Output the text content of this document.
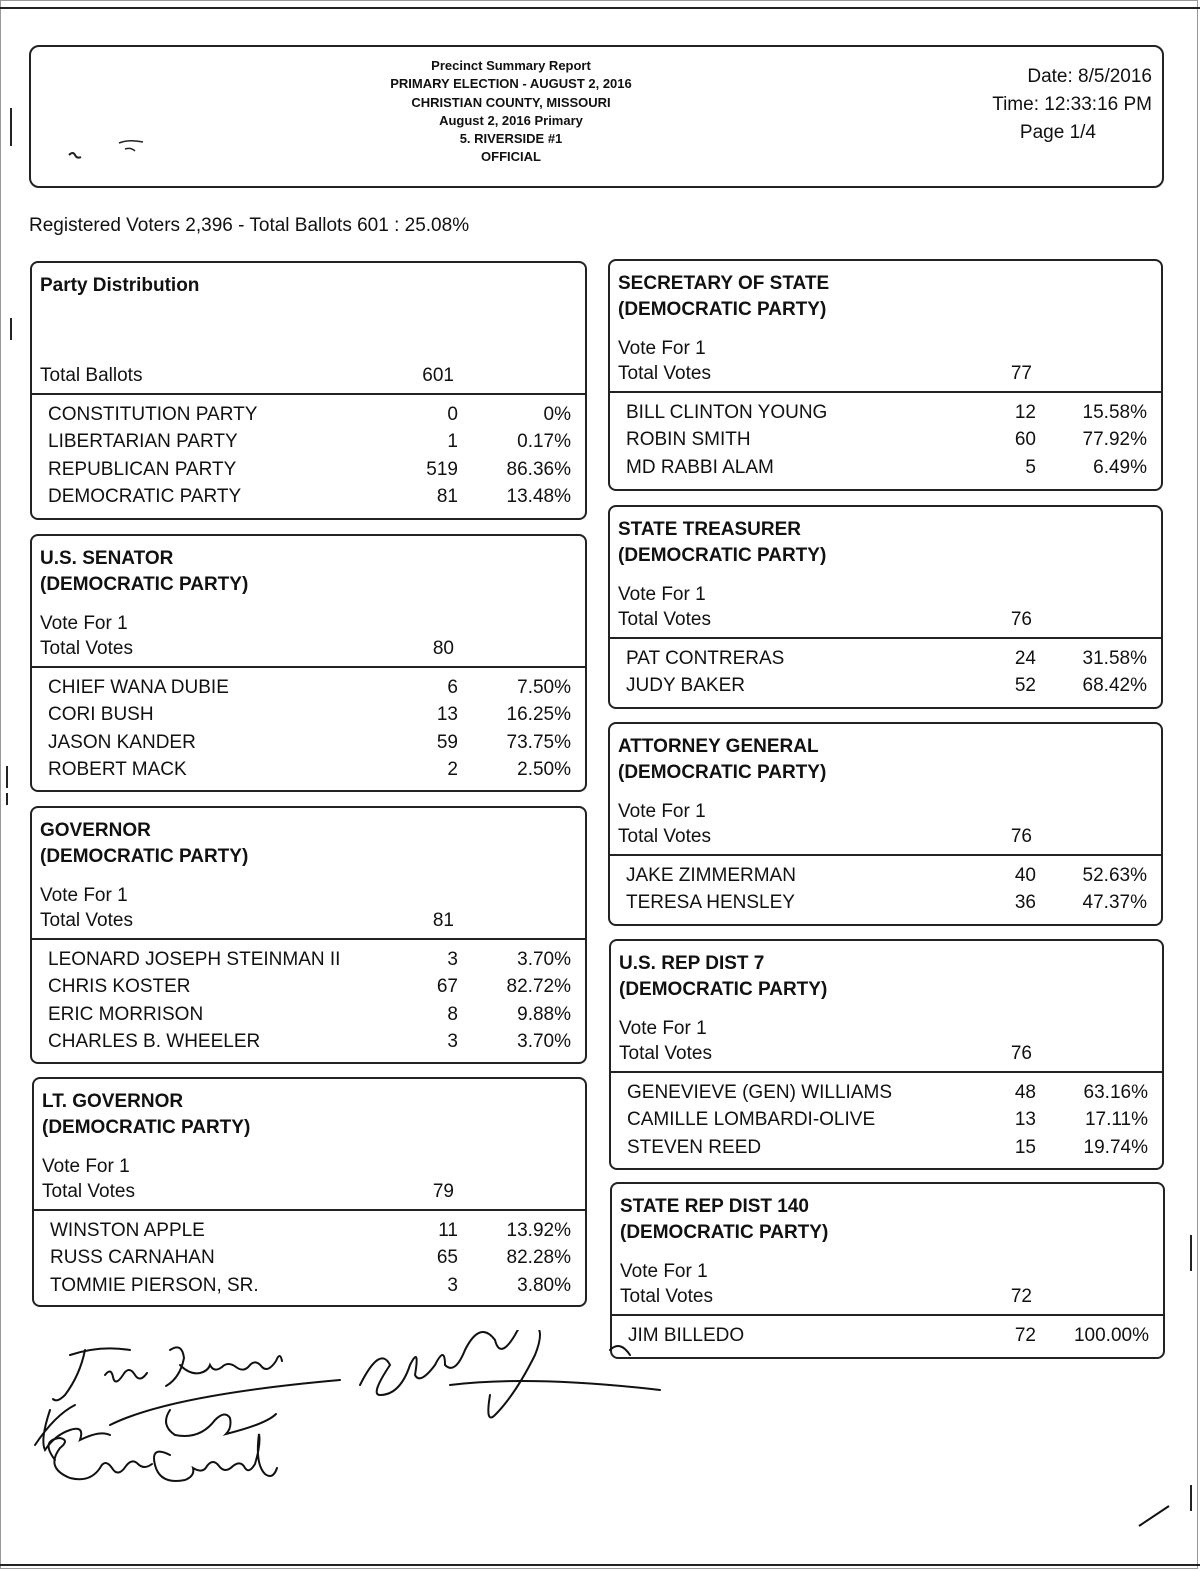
Precinct Summary Report
PRIMARY ELECTION - AUGUST 2, 2016
CHRISTIAN COUNTY, MISSOURI
August 2, 2016 Primary
5. RIVERSIDE #1
OFFICIAL
Date: 8/5/2016
Time: 12:33:16 PM
Page 1/4
Registered Voters 2,396 - Total Ballots 601 : 25.08%
Party Distribution
Total Ballots	601
CONSTITUTION PARTY	0	0%
LIBERTARIAN PARTY	1	0.17%
REPUBLICAN PARTY	519	86.36%
DEMOCRATIC PARTY	81	13.48%
U.S. SENATOR
(DEMOCRATIC PARTY)
Vote For 1
Total Votes	80
CHIEF WANA DUBIE	6	7.50%
CORI BUSH	13	16.25%
JASON KANDER	59	73.75%
ROBERT MACK	2	2.50%
GOVERNOR
(DEMOCRATIC PARTY)
Vote For 1
Total Votes	81
LEONARD JOSEPH STEINMAN II	3	3.70%
CHRIS KOSTER	67	82.72%
ERIC MORRISON	8	9.88%
CHARLES B. WHEELER	3	3.70%
LT. GOVERNOR
(DEMOCRATIC PARTY)
Vote For 1
Total Votes	79
WINSTON APPLE	11	13.92%
RUSS CARNAHAN	65	82.28%
TOMMIE PIERSON, SR.	3	3.80%
SECRETARY OF STATE
(DEMOCRATIC PARTY)
Vote For 1
Total Votes	77
BILL CLINTON YOUNG	12 15.58%
ROBIN SMITH	60 77.92%
MD RABBI ALAM	5	6.49%
STATE TREASURER
(DEMOCRATIC PARTY)
Vote For 1
Total Votes	76
PAT CONTRERAS	24 31.58%
JUDY BAKER	52 68.42%
ATTORNEY GENERAL
(DEMOCRATIC PARTY)
Vote For 1
Total Votes	76
JAKE ZIMMERMAN	40 52.63%
TERESA HENSLEY	36 47.37%
U.S. REP DIST 7
(DEMOCRATIC PARTY)
Vote For 1
Total Votes	76
GENEVIEVE (GEN) WILLIAMS	48	63.16%
CAMILLE LOMBARDI-OLIVE	13	17.11%
STEVEN REED	15	19.74%
STATE REP DIST 140
(DEMOCRATIC PARTY)
Vote For 1
Total Votes	72
JIM BILLEDO	72 100.00%
